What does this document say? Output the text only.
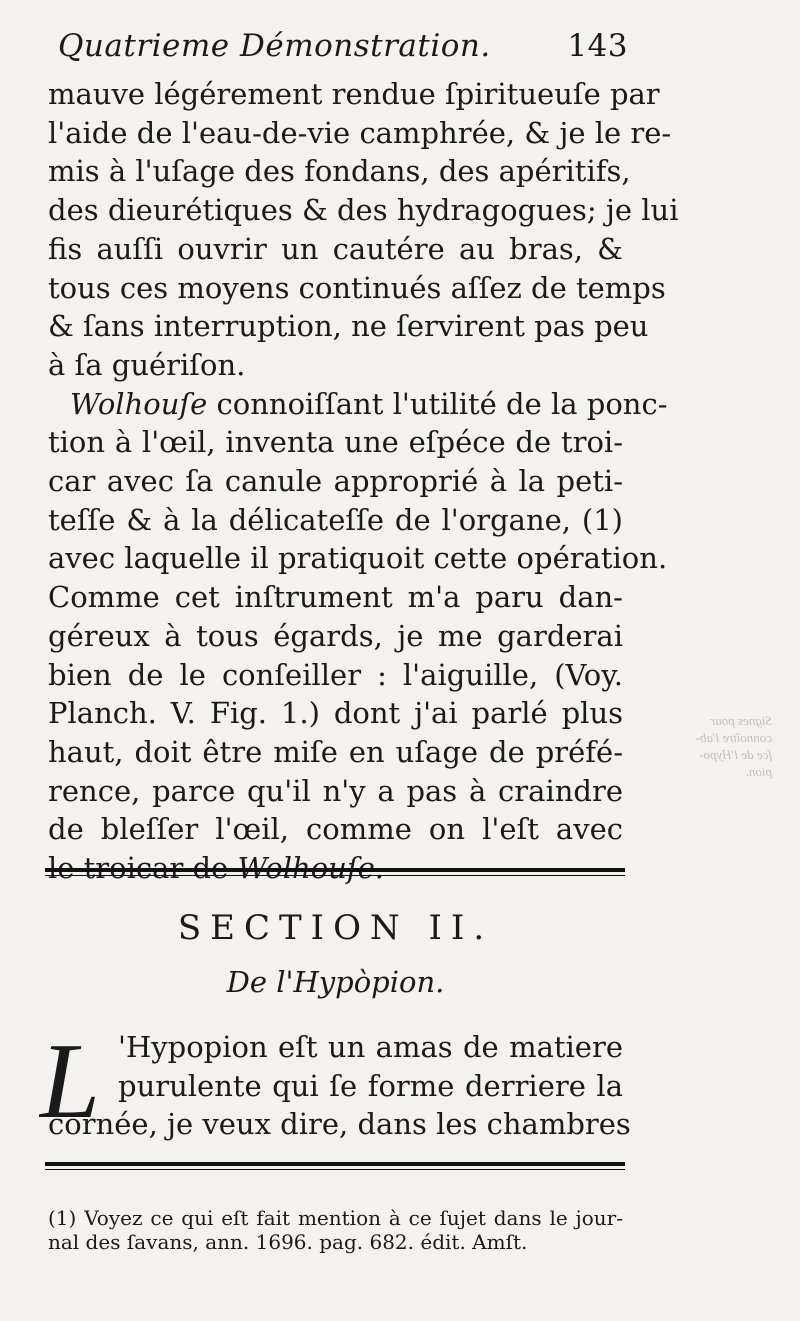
Signes pour
connoître l'ab-
ſce de l'Hypo-
pion.
Quatrieme Démonstration. 143

mauve légérement rendue ſpiritueuſe par
l'aide de l'eau-de-vie camphrée, & je le re-
mis à l'uſage des fondans, des apéritifs,
des dieurétiques & des hydragogues; je lui
fis auſſi ouvrir un cautére au bras, &
tous ces moyens continués aſſez de temps
& ſans interruption, ne ſervirent pas peu
à ſa guériſon.

Wolhouſe connoiſſant l'utilité de la ponc-
tion à l'œil, inventa une eſpéce de troi-
car avec ſa canule approprié à la peti-
teſſe & à la délicateſſe de l'organe, (1)
avec laquelle il pratiquoit cette opération.
Comme cet inſtrument m'a paru dan-
géreux à tous égards, je me garderai
bien de le conſeiller : l'aiguille, (Voy.
Planch. V. Fig. 1.) dont j'ai parlé plus
haut, doit être miſe en uſage de préfé-
rence, parce qu'il n'y a pas à craindre
de bleſſer l'œil, comme on l'eſt avec
le troicar de Wolhouſe.

SECTION II.
De l'Hypòpion.
L 'Hypopion eſt un amas de matiere
purulente qui ſe forme derriere la
cornée, je veux dire, dans les chambres
(1) Voyez ce qui eſt fait mention à ce ſujet dans le jour-
nal des ſavans, ann. 1696. pag. 682. édit. Amſt.
